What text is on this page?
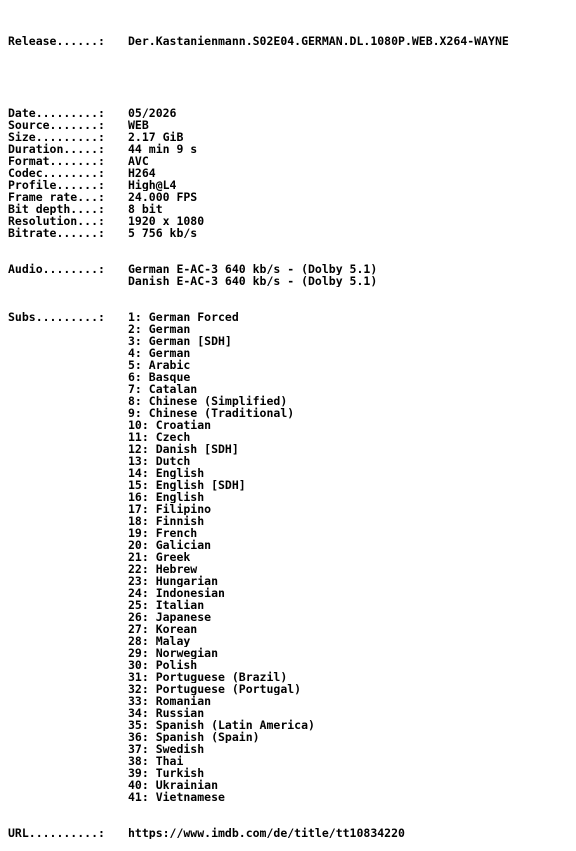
Release......:	Der.Kastanienmann.S02E04.GERMAN.DL.1080P.WEB.X264-WAYNE

Date.........:	05/2026
Source.......:	WEB
Size.........:	2.17 GiB
Duration.....:	44 min 9 s
Format.......:	AVC
Codec........:	H264
Profile......:	High@L4
Frame rate...:	24.000 FPS
Bit depth....:	8 bit
Resolution...:	1920 x 1080
Bitrate......:	5 756 kb/s

Audio........:	German E-AC-3 640 kb/s - (Dolby 5.1)
Danish E-AC-3 640 kb/s - (Dolby 5.1)

Subs.........:	1: German Forced
2: German
3: German [SDH]
4: German
5: Arabic
6: Basque
7: Catalan
8: Chinese (Simplified)
9: Chinese (Traditional)
10: Croatian
11: Czech
12: Danish [SDH]
13: Dutch
14: English
15: English [SDH]
16: English
17: Filipino
18: Finnish
19: French
20: Galician
21: Greek
22: Hebrew
23: Hungarian
24: Indonesian
25: Italian
26: Japanese
27: Korean
28: Malay
29: Norwegian
30: Polish
31: Portuguese (Brazil)
32: Portuguese (Portugal)
33: Romanian
34: Russian
35: Spanish (Latin America)
36: Spanish (Spain)
37: Swedish
38: Thai
39: Turkish
40: Ukrainian
41: Vietnamese

URL..........:	https://www.imdb.com/de/title/tt10834220
